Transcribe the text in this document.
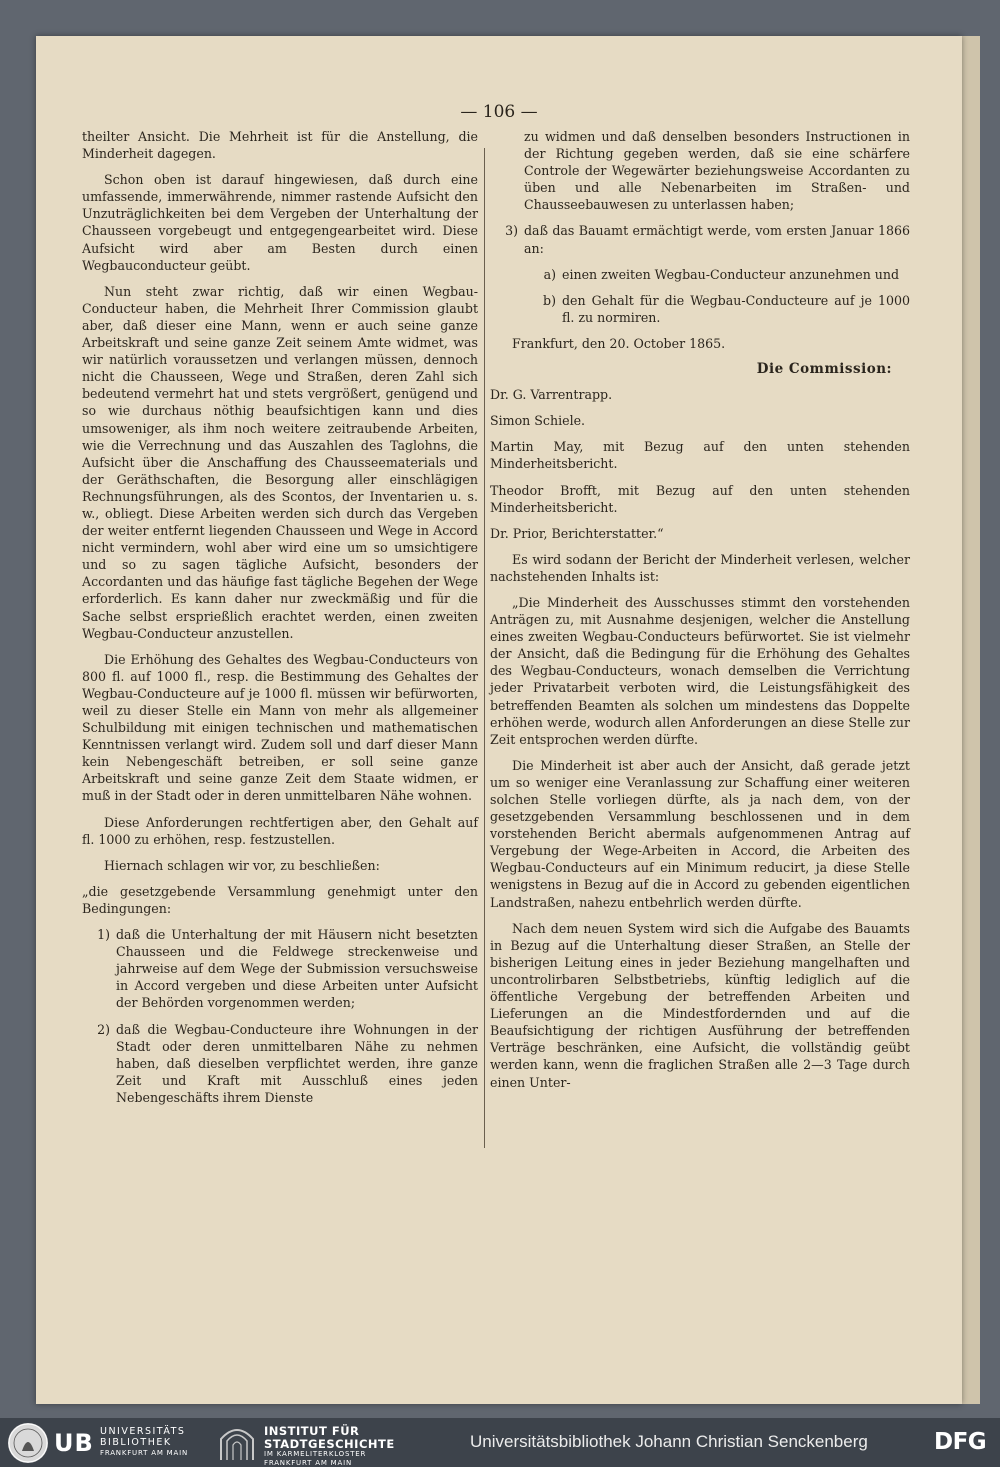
— 106 —

theilter Ansicht. Die Mehrheit ist für die Anstellung, die Minderheit dagegen.

Schon oben ist darauf hingewiesen, daß durch eine umfassende, immerwährende, nimmer rastende Aufsicht den Unzuträglichkeiten bei dem Vergeben der Unterhaltung der Chausseen vorgebeugt und entgegengearbeitet wird. Diese Aufsicht wird aber am Besten durch einen Wegbauconducteur geübt.

Nun steht zwar richtig, daß wir einen Wegbau-Conducteur haben, die Mehrheit Ihrer Commission glaubt aber, daß dieser eine Mann, wenn er auch seine ganze Arbeitskraft und seine ganze Zeit seinem Amte widmet, was wir natürlich voraussetzen und verlangen müssen, dennoch nicht die Chausseen, Wege und Straßen, deren Zahl sich bedeutend vermehrt hat und stets vergrößert, genügend und so wie durchaus nöthig beaufsichtigen kann und dies umsoweniger, als ihm noch weitere zeitraubende Arbeiten, wie die Verrechnung und das Auszahlen des Taglohns, die Aufsicht über die Anschaffung des Chausseematerials und der Geräthschaften, die Besorgung aller einschlägigen Rechnungsführungen, als des Scontos, der Inventarien u. s. w., obliegt. Diese Arbeiten werden sich durch das Vergeben der weiter entfernt liegenden Chausseen und Wege in Accord nicht vermindern, wohl aber wird eine um so umsichtigere und so zu sagen tägliche Aufsicht, besonders der Accordanten und das häufige fast tägliche Begehen der Wege erforderlich. Es kann daher nur zweckmäßig und für die Sache selbst ersprießlich erachtet werden, einen zweiten Wegbau-Conducteur anzustellen.

Die Erhöhung des Gehaltes des Wegbau-Conducteurs von 800 fl. auf 1000 fl., resp. die Bestimmung des Gehaltes der Wegbau-Conducteure auf je 1000 fl. müssen wir befürworten, weil zu dieser Stelle ein Mann von mehr als allgemeiner Schulbildung mit einigen technischen und mathematischen Kenntnissen verlangt wird. Zudem soll und darf dieser Mann kein Nebengeschäft betreiben, er soll seine ganze Arbeitskraft und seine ganze Zeit dem Staate widmen, er muß in der Stadt oder in deren unmittelbaren Nähe wohnen.

Diese Anforderungen rechtfertigen aber, den Gehalt auf fl. 1000 zu erhöhen, resp. festzustellen.

Hiernach schlagen wir vor, zu beschließen:

„die gesetzgebende Versammlung genehmigt unter den Bedingungen:

1) daß die Unterhaltung der mit Häusern nicht besetzten Chausseen und die Feldwege streckenweise und jahrweise auf dem Wege der Submission versuchsweise in Accord vergeben und diese Arbeiten unter Aufsicht der Behörden vorgenommen werden;
2) daß die Wegbau-Conducteure ihre Wohnungen in der Stadt oder deren unmittelbaren Nähe zu nehmen haben, daß dieselben verpflichtet werden, ihre ganze Zeit und Kraft mit Ausschluß eines jeden Nebengeschäfts ihrem Dienste

zu widmen und daß denselben besonders Instructionen in der Richtung gegeben werden, daß sie eine schärfere Controle der Wegewärter beziehungsweise Accordanten zu üben und alle Nebenarbeiten im Straßen- und Chausseebauwesen zu unterlassen haben;

3) daß das Bauamt ermächtigt werde, vom ersten Januar 1866 an:
a) einen zweiten Wegbau-Conducteur anzunehmen und
b) den Gehalt für die Wegbau-Conducteure auf je 1000 fl. zu normiren.

Frankfurt, den 20. October 1865.

Die Commission:

Dr. G. Varrentrapp.

Simon Schiele.

Martin May, mit Bezug auf den unten stehenden Minderheitsbericht.

Theodor Brofft, mit Bezug auf den unten stehenden Minderheitsbericht.

Dr. Prior, Berichterstatter.“

Es wird sodann der Bericht der Minderheit verlesen, welcher nachstehenden Inhalts ist:

„Die Minderheit des Ausschusses stimmt den vorstehenden Anträgen zu, mit Ausnahme desjenigen, welcher die Anstellung eines zweiten Wegbau-Conducteurs befürwortet. Sie ist vielmehr der Ansicht, daß die Bedingung für die Erhöhung des Gehaltes des Wegbau-Conducteurs, wonach demselben die Verrichtung jeder Privatarbeit verboten wird, die Leistungsfähigkeit des betreffenden Beamten als solchen um mindestens das Doppelte erhöhen werde, wodurch allen Anforderungen an diese Stelle zur Zeit entsprochen werden dürfte.

Die Minderheit ist aber auch der Ansicht, daß gerade jetzt um so weniger eine Veranlassung zur Schaffung einer weiteren solchen Stelle vorliegen dürfte, als ja nach dem, von der gesetzgebenden Versammlung beschlossenen und in dem vorstehenden Bericht abermals aufgenommenen Antrag auf Vergebung der Wege-Arbeiten in Accord, die Arbeiten des Wegbau-Conducteurs auf ein Minimum reducirt, ja diese Stelle wenigstens in Bezug auf die in Accord zu gebenden eigentlichen Landstraßen, nahezu entbehrlich werden dürfte.

Nach dem neuen System wird sich die Aufgabe des Bauamts in Bezug auf die Unterhaltung dieser Straßen, an Stelle der bisherigen Leitung eines in jeder Beziehung mangelhaften und uncontrolirbaren Selbstbetriebs, künftig lediglich auf die öffentliche Vergebung der betreffenden Arbeiten und Lieferungen an die Mindestfordernden und auf die Beaufsichtigung der richtigen Ausführung der betreffenden Verträge beschränken, eine Aufsicht, die vollständig geübt werden kann, wenn die fraglichen Straßen alle 2—3 Tage durch einen Unter-

UB UNIVERSITÄTS
BIBLIOTHEK
FRANKFURT AM MAIN
INSTITUT FÜR
STADTGESCHICHTE
IM KARMELITERKLOSTER
FRANKFURT AM MAIN
Universitätsbibliothek Johann Christian Senckenberg	DFG
